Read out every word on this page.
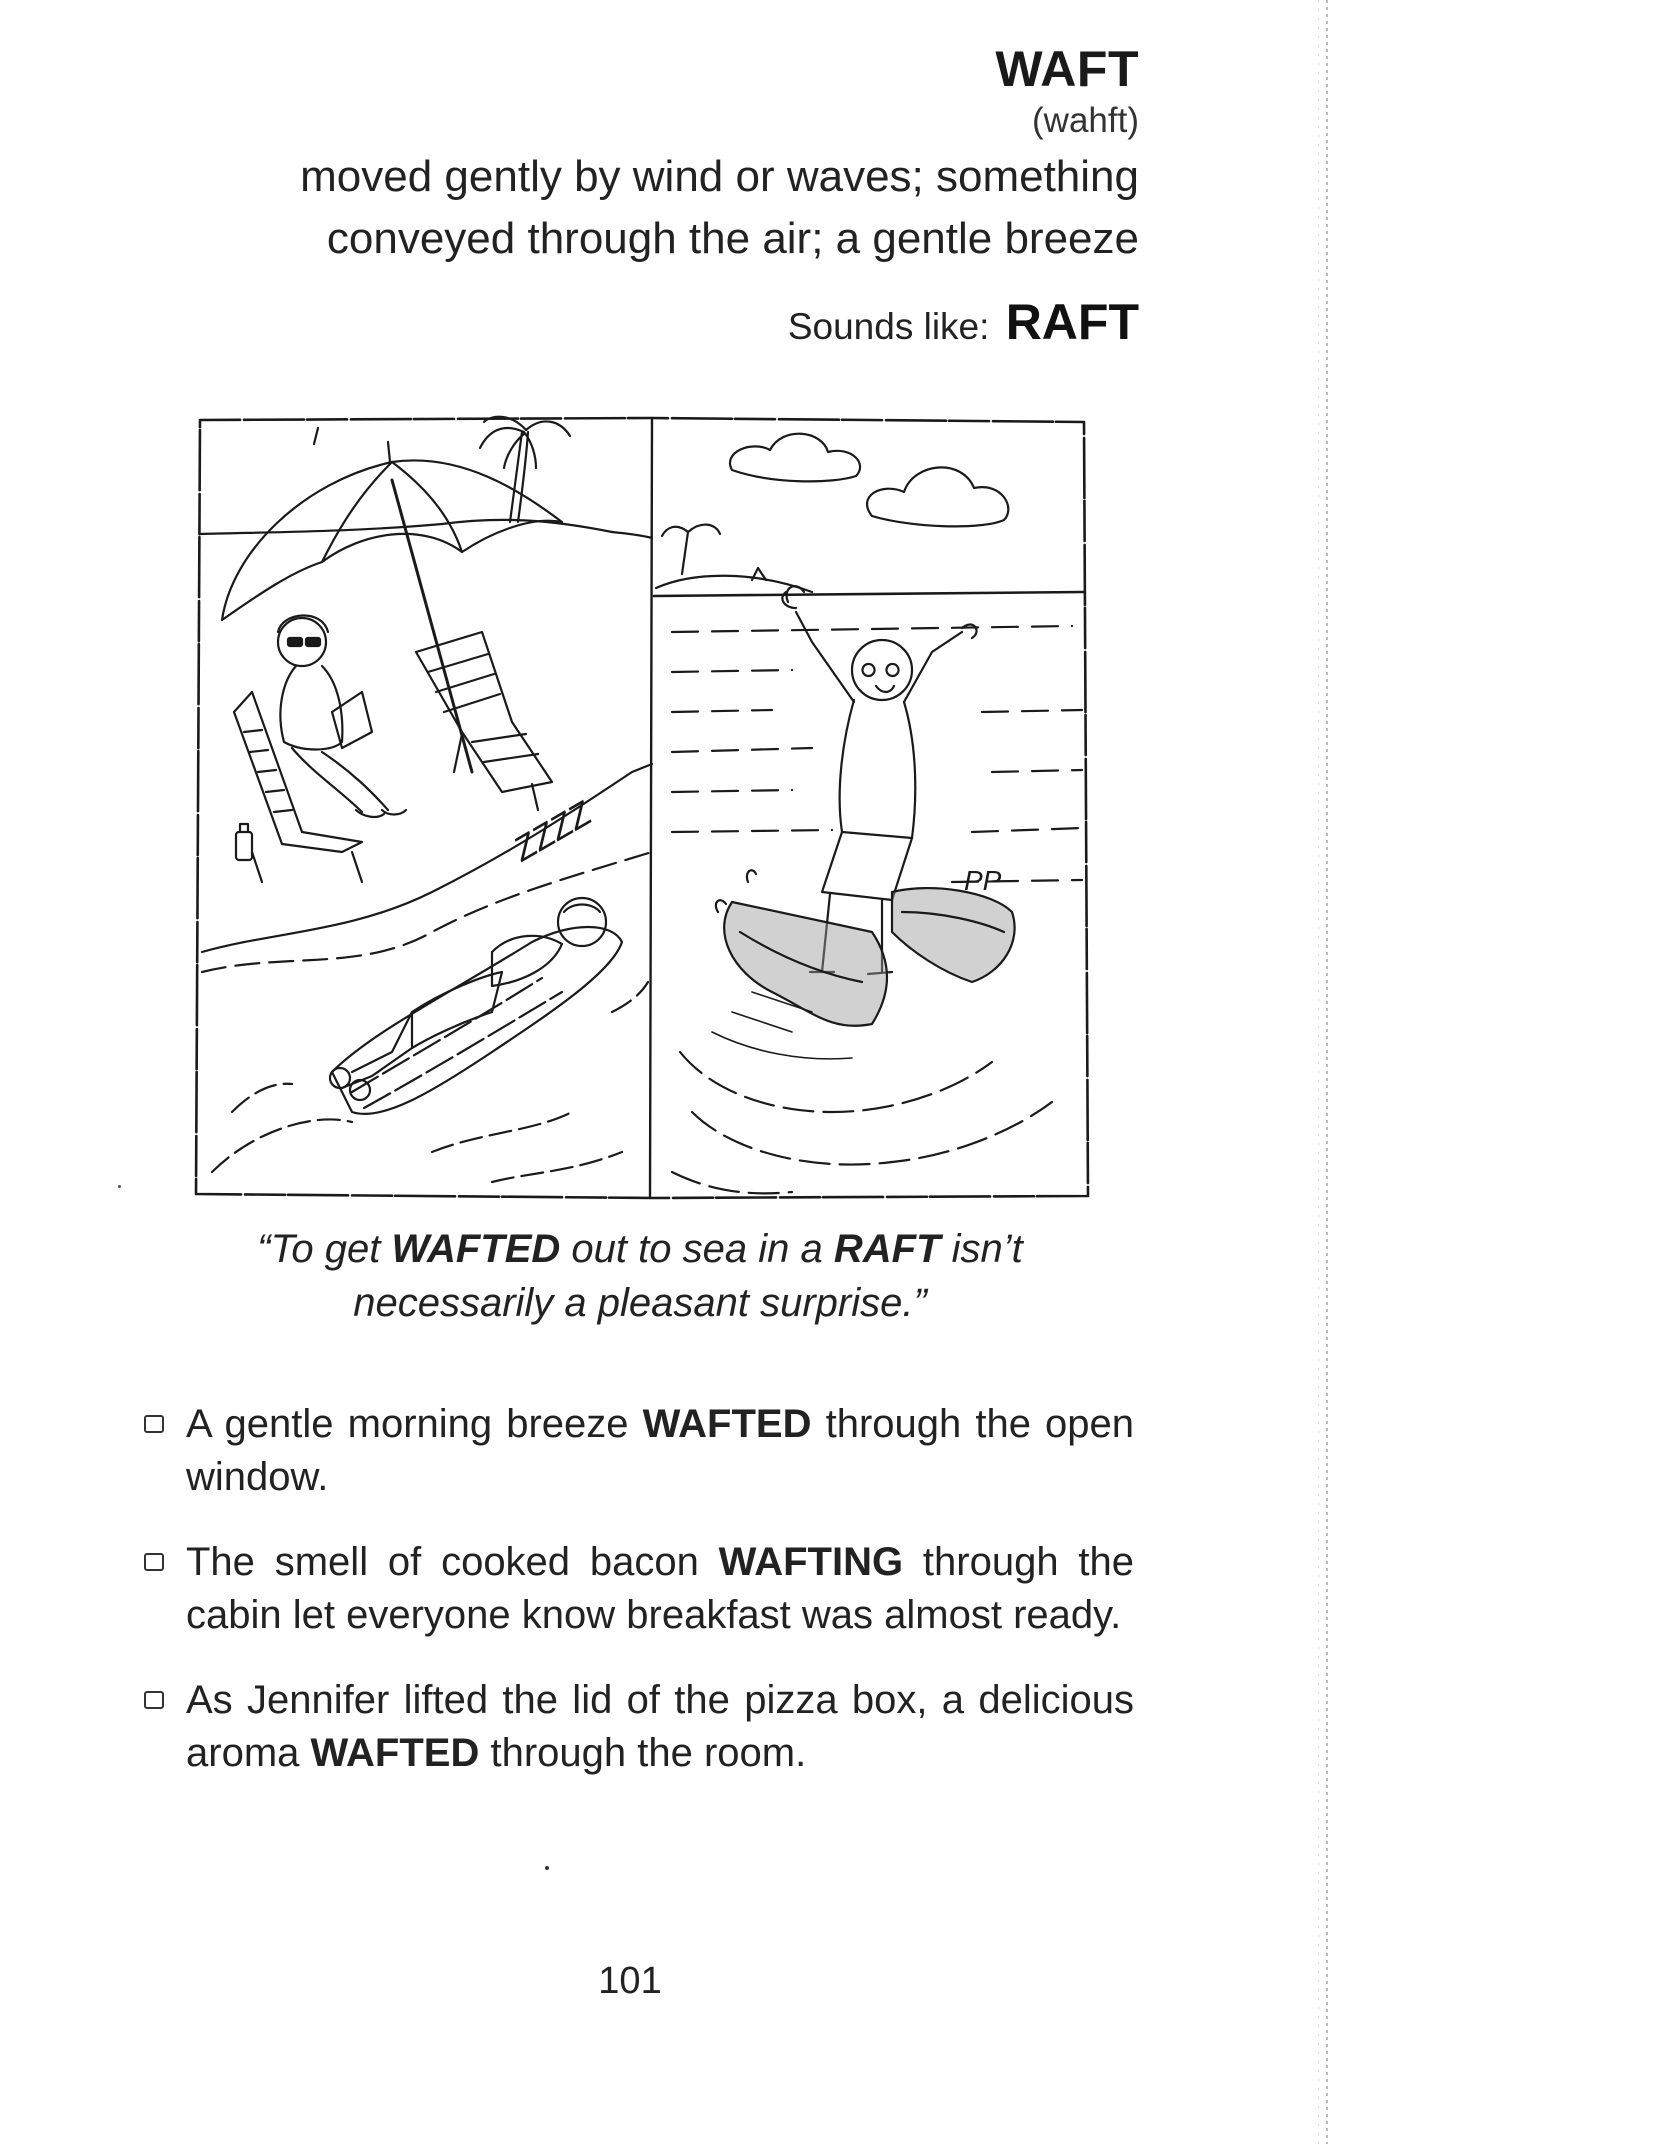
WAFT
(wahft)
moved gently by wind or waves; something
conveyed through the air; a gentle breeze
Sounds like: RAFT
ZZZZ
PP
“To get WAFTED out to sea in a RAFT isn’t
necessarily a pleasant surprise.”
A gentle morning breeze WAFTED through the open window.
The smell of cooked bacon WAFTING through the cabin let everyone know breakfast was almost ready.
As Jennifer lifted the lid of the pizza box, a delicious aroma WAFTED through the room.
101
